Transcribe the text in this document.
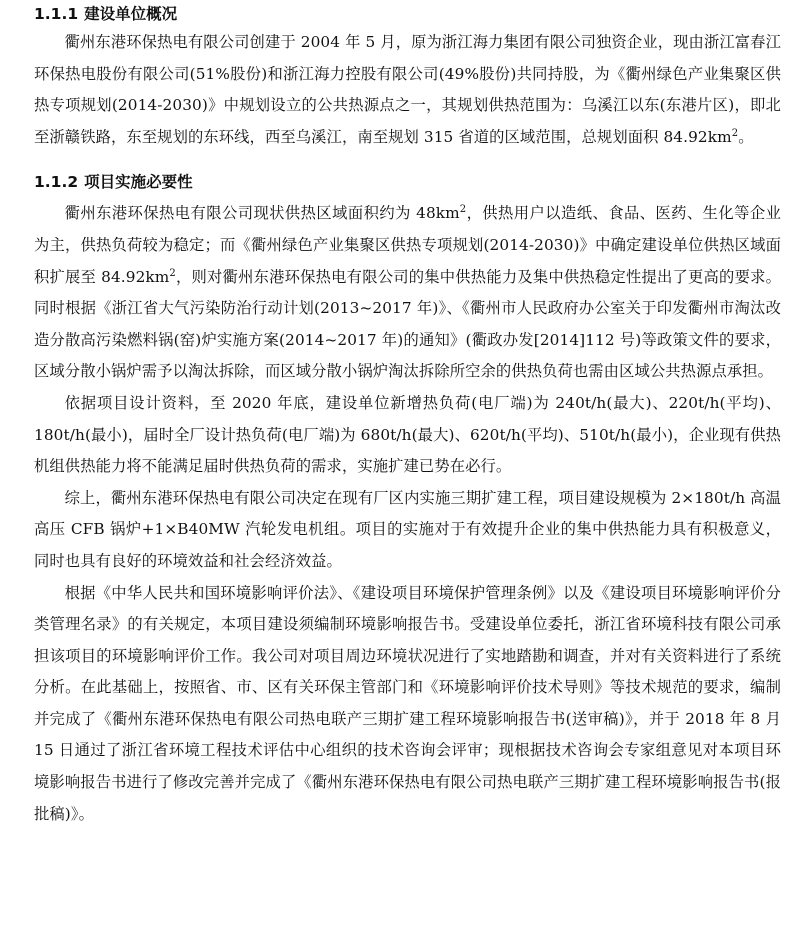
1.1.1 建设单位概况

衢州东港环保热电有限公司创建于 2004 年 5 月，原为浙江海力集团有限公司独资企业，现由浙江富春江环保热电股份有限公司(51%股份)和浙江海力控股有限公司(49%股份)共同持股，为《衢州绿色产业集聚区供热专项规划(2014-2030)》中规划设立的公共热源点之一，其规划供热范围为：乌溪江以东(东港片区)，即北至浙赣铁路，东至规划的东环线，西至乌溪江，南至规划 315 省道的区域范围，总规划面积 $84.92km^2$。

1.1.2 项目实施必要性

衢州东港环保热电有限公司现状供热区域面积约为 $48km^2$，供热用户以造纸、食品、医药、生化等企业为主，供热负荷较为稳定；而《衢州绿色产业集聚区供热专项规划(2014-2030)》中确定建设单位供热区域面积扩展至 $84.92km^2$，则对衢州东港环保热电有限公司的集中供热能力及集中供热稳定性提出了更高的要求。同时根据《浙江省大气污染防治行动计划(2013~2017 年)》、《衢州市人民政府办公室关于印发衢州市淘汰改造分散高污染燃料锅(窑)炉实施方案(2014~2017 年)的通知》(衢政办发[2014]112 号)等政策文件的要求，区域分散小锅炉需予以淘汰拆除，而区域分散小锅炉淘汰拆除所空余的供热负荷也需由区域公共热源点承担。

依据项目设计资料，至 2020 年底，建设单位新增热负荷(电厂端)为 240t/h(最大)、220t/h(平均)、180t/h(最小)，届时全厂设计热负荷(电厂端)为 680t/h(最大)、620t/h(平均)、510t/h(最小)，企业现有供热机组供热能力将不能满足届时供热负荷的需求，实施扩建已势在必行。

综上，衢州东港环保热电有限公司决定在现有厂区内实施三期扩建工程，项目建设规模为 2×180t/h 高温高压 CFB 锅炉+1×B40MW 汽轮发电机组。项目的实施对于有效提升企业的集中供热能力具有积极意义，同时也具有良好的环境效益和社会经济效益。

根据《中华人民共和国环境影响评价法》、《建设项目环境保护管理条例》以及《建设项目环境影响评价分类管理名录》的有关规定，本项目建设须编制环境影响报告书。受建设单位委托，浙江省环境科技有限公司承担该项目的环境影响评价工作。我公司对项目周边环境状况进行了实地踏勘和调查，并对有关资料进行了系统分析。在此基础上，按照省、市、区有关环保主管部门和《环境影响评价技术导则》等技术规范的要求，编制并完成了《衢州东港环保热电有限公司热电联产三期扩建工程环境影响报告书(送审稿)》，并于 2018 年 8 月 15 日通过了浙江省环境工程技术评估中心组织的技术咨询会评审；现根据技术咨询会专家组意见对本项目环境影响报告书进行了修改完善并完成了《衢州东港环保热电有限公司热电联产三期扩建工程环境影响报告书(报批稿)》。
